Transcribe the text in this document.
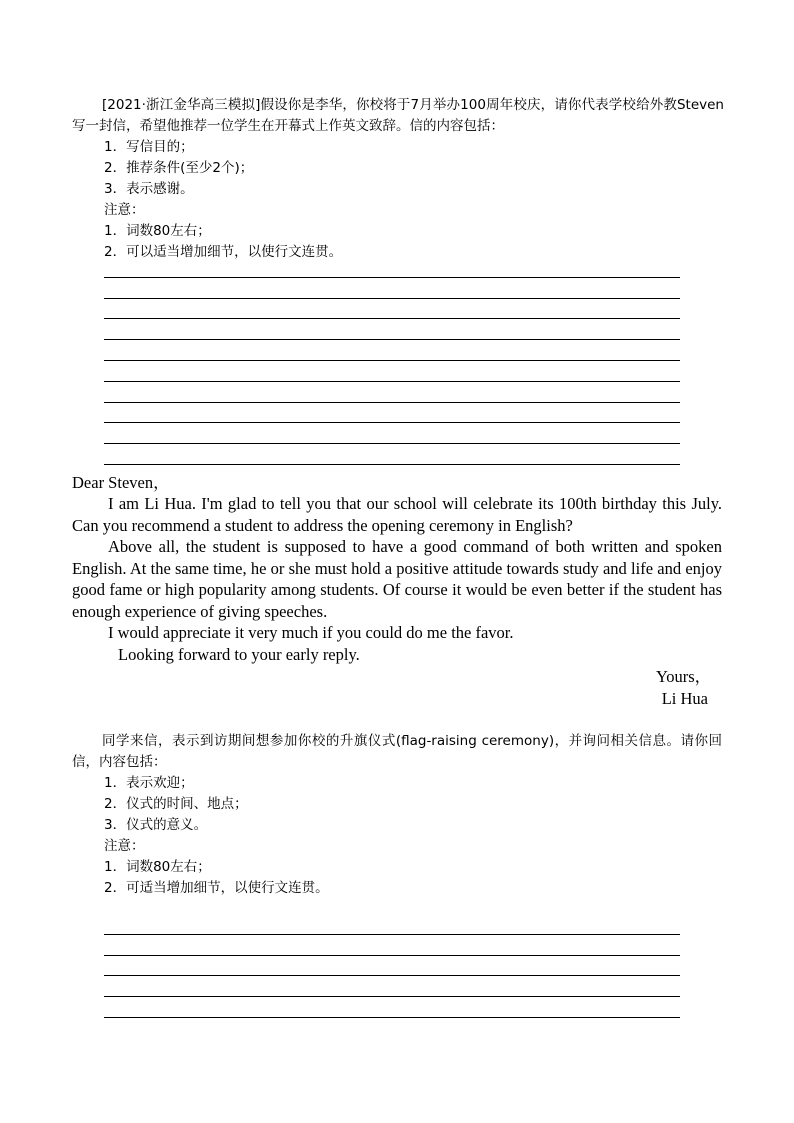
[2021·浙江金华高三模拟]假设你是李华，你校将于7月举办100周年校庆，请你代表学校给外教Steven写一封信，希望他推荐一位学生在开幕式上作英文致辞。信的内容包括：
1．写信目的；
2．推荐条件(至少2个)；
3．表示感谢。
注意：
1．词数80左右；
2．可以适当增加细节，以使行文连贯。
Dear Steven，

I am Li Hua. I'm glad to tell you that our school will celebrate its 100th birthday this July. Can you recommend a student to address the opening ceremony in English?

Above all, the student is supposed to have a good command of both written and spoken English. At the same time, he or she must hold a positive attitude towards study and life and enjoy good fame or high popularity among students. Of course it would be even better if the student has enough experience of giving speeches.

I would appreciate it very much if you could do me the favor.

Looking forward to your early reply.
Yours，
Li Hua
同学来信，表示到访期间想参加你校的升旗仪式(flag-raising ceremony)，并询问相关信息。请你回信，内容包括：
1．表示欢迎；
2．仪式的时间、地点；
3．仪式的意义。
注意：
1．词数80左右；
2．可适当增加细节，以使行文连贯。
